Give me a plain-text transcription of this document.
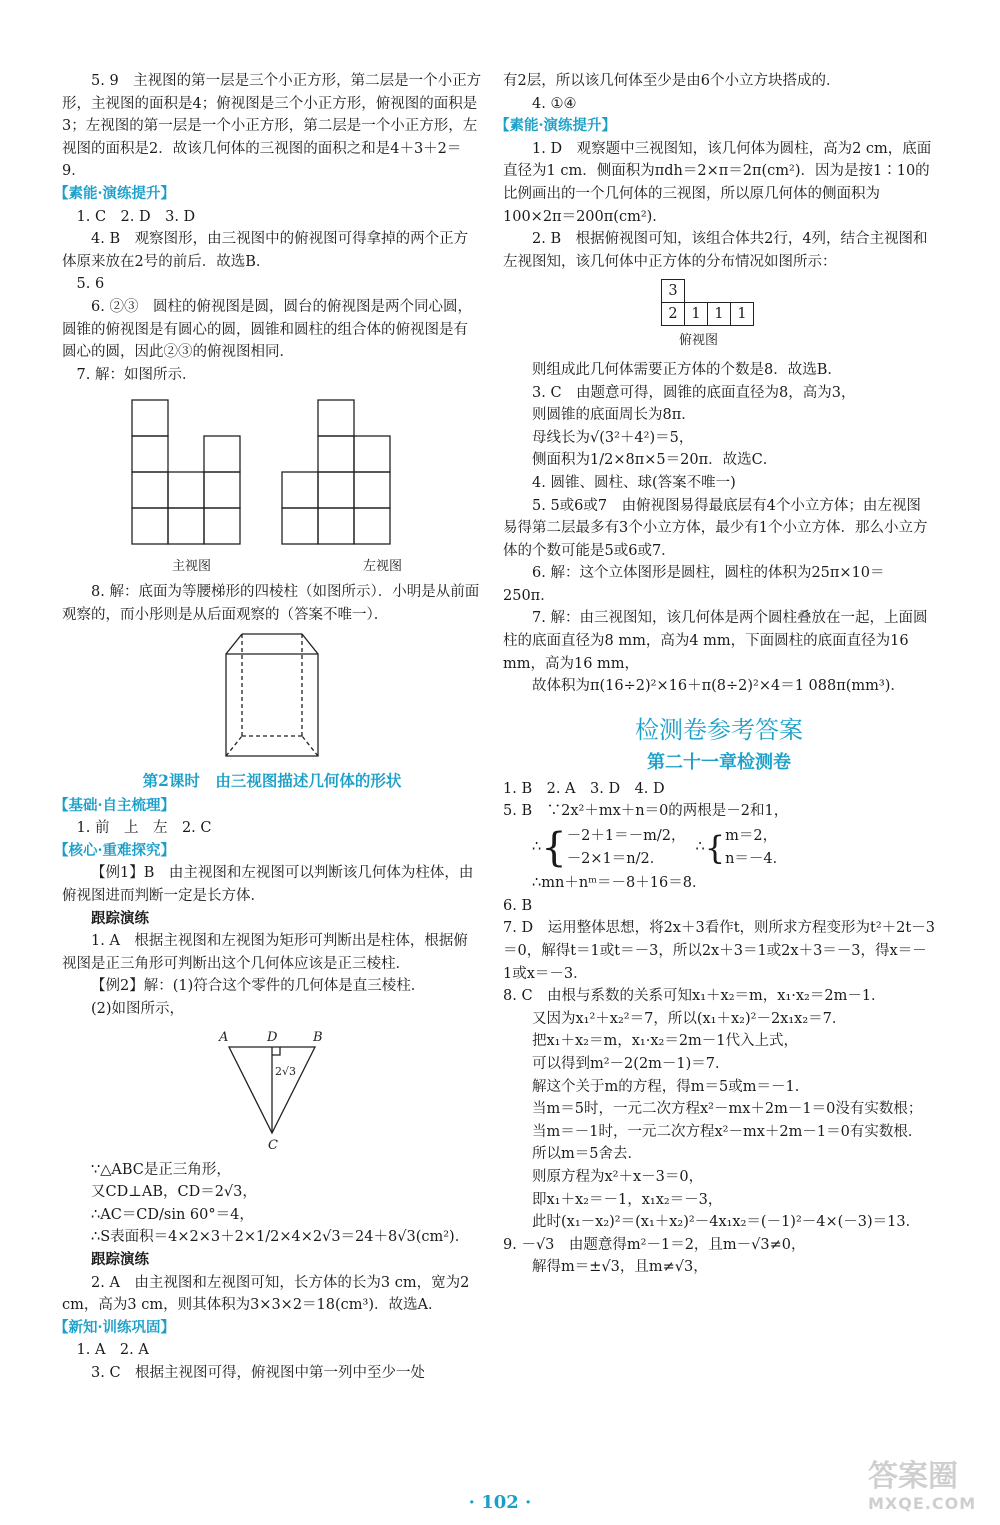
5. 9　主视图的第一层是三个小正方形，第二层是一个小正方形，主视图的面积是4；俯视图是三个小正方形，俯视图的面积是3；左视图的第一层是一个小正方形，第二层是一个小正方形，左视图的面积是2．故该几何体的三视图的面积之和是4＋3＋2＝9．

【素能·演练提升】

1. C　2. D　3. D

4. B　观察图形，由三视图中的俯视图可得拿掉的两个正方体原来放在2号的前后．故选B．

5. 6

6. ②③　圆柱的俯视图是圆，圆台的俯视图是两个同心圆，圆锥的俯视图是有圆心的圆，圆锥和圆柱的组合体的俯视图是有圆心的圆，因此②③的俯视图相同．

7. 解：如图所示．

主视图	左视图

8. 解：底面为等腰梯形的四棱柱（如图所示）．小明是从前面观察的，而小彤则是从后面观察的（答案不唯一）．

第2课时　由三视图描述几何体的形状

【基础·自主梳理】

1. 前　上　左　2. C

【核心·重难探究】

【例1】B　由主视图和左视图可以判断该几何体为柱体，由俯视图进而判断一定是长方体．

跟踪演练

1. A　根据主视图和左视图为矩形可判断出是柱体，根据俯视图是正三角形可判断出这个几何体应该是正三棱柱．

【例2】解：(1)符合这个零件的几何体是直三棱柱．

(2)如图所示，

A	D	B
C
2√3

∵△ABC是正三角形，

又CD⊥AB，CD＝2√3，

∴AC＝CD/sin 60°＝4，

∴S表面积＝4×2×3＋2×1/2×4×2√3＝24＋8√3(cm²)．

跟踪演练

2. A　由主视图和左视图可知，长方体的长为3 cm，宽为2 cm，高为3 cm，则其体积为3×3×2＝18(cm³)．故选A．

【新知·训练巩固】

1. A　2. A

3. C　根据主视图可得，俯视图中第一列中至少一处

有2层，所以该几何体至少是由6个小立方块搭成的．

4. ①④

【素能·演练提升】

1. D　观察题中三视图知，该几何体为圆柱，高为2 cm，底面直径为1 cm．侧面积为πdh＝2×π＝2π(cm²)．因为是按1∶10的比例画出的一个几何体的三视图，所以原几何体的侧面积为100×2π＝200π(cm²)．

2. B　根据俯视图可知，该组合体共2行，4列，结合主视图和左视图知，该几何体中正方体的分布情况如图所示：

3
2 1 1 1
俯视图

则组成此几何体需要正方体的个数是8．故选B．

3. C　由题意可得，圆锥的底面直径为8，高为3，

则圆锥的底面周长为8π．

母线长为√(3²＋4²)＝5，

侧面积为1/2×8π×5＝20π．故选C．

4. 圆锥、圆柱、球(答案不唯一)

5. 5或6或7　由俯视图易得最底层有4个小立方体；由左视图易得第二层最多有3个小立方体，最少有1个小立方体．那么小立方体的个数可能是5或6或7．

6. 解：这个立体图形是圆柱，圆柱的体积为25π×10＝250π．

7. 解：由三视图知，该几何体是两个圆柱叠放在一起，上面圆柱的底面直径为8 mm，高为4 mm，下面圆柱的底面直径为16 mm，高为16 mm，

故体积为π(16÷2)²×16＋π(8÷2)²×4＝1 088π(mm³)．

检测卷参考答案

第二十一章检测卷

1. B　2. A　3. D　4. D

5. B　∵2x²＋mx＋n＝0的两根是－2和1，

∴ { －2＋1＝－m/2，
－2×1＝n/2．
∴ { m＝2，
n＝－4．

∴mn＋nᵐ＝－8＋16＝8．

6. B

7. D　运用整体思想，将2x＋3看作t，则所求方程变形为t²＋2t－3＝0，解得t＝1或t＝－3，所以2x＋3＝1或2x＋3＝－3，得x＝－1或x＝－3．

8. C　由根与系数的关系可知x₁＋x₂＝m，x₁·x₂＝2m－1．

又因为x₁²＋x₂²＝7，所以(x₁＋x₂)²－2x₁x₂＝7．

把x₁＋x₂＝m，x₁·x₂＝2m－1代入上式，

可以得到m²－2(2m－1)＝7．

解这个关于m的方程，得m＝5或m＝－1．

当m＝5时，一元二次方程x²－mx＋2m－1＝0没有实数根；

当m＝－1时，一元二次方程x²－mx＋2m－1＝0有实数根．

所以m＝5舍去．

则原方程为x²＋x－3＝0，

即x₁＋x₂＝－1，x₁x₂＝－3，

此时(x₁－x₂)²＝(x₁＋x₂)²－4x₁x₂＝(－1)²－4×(－3)＝13．

9. －√3　由题意得m²－1＝2，且m－√3≠0，

解得m＝±√3，且m≠√3，

· 102 ·
答案圈
MXQE.COM
